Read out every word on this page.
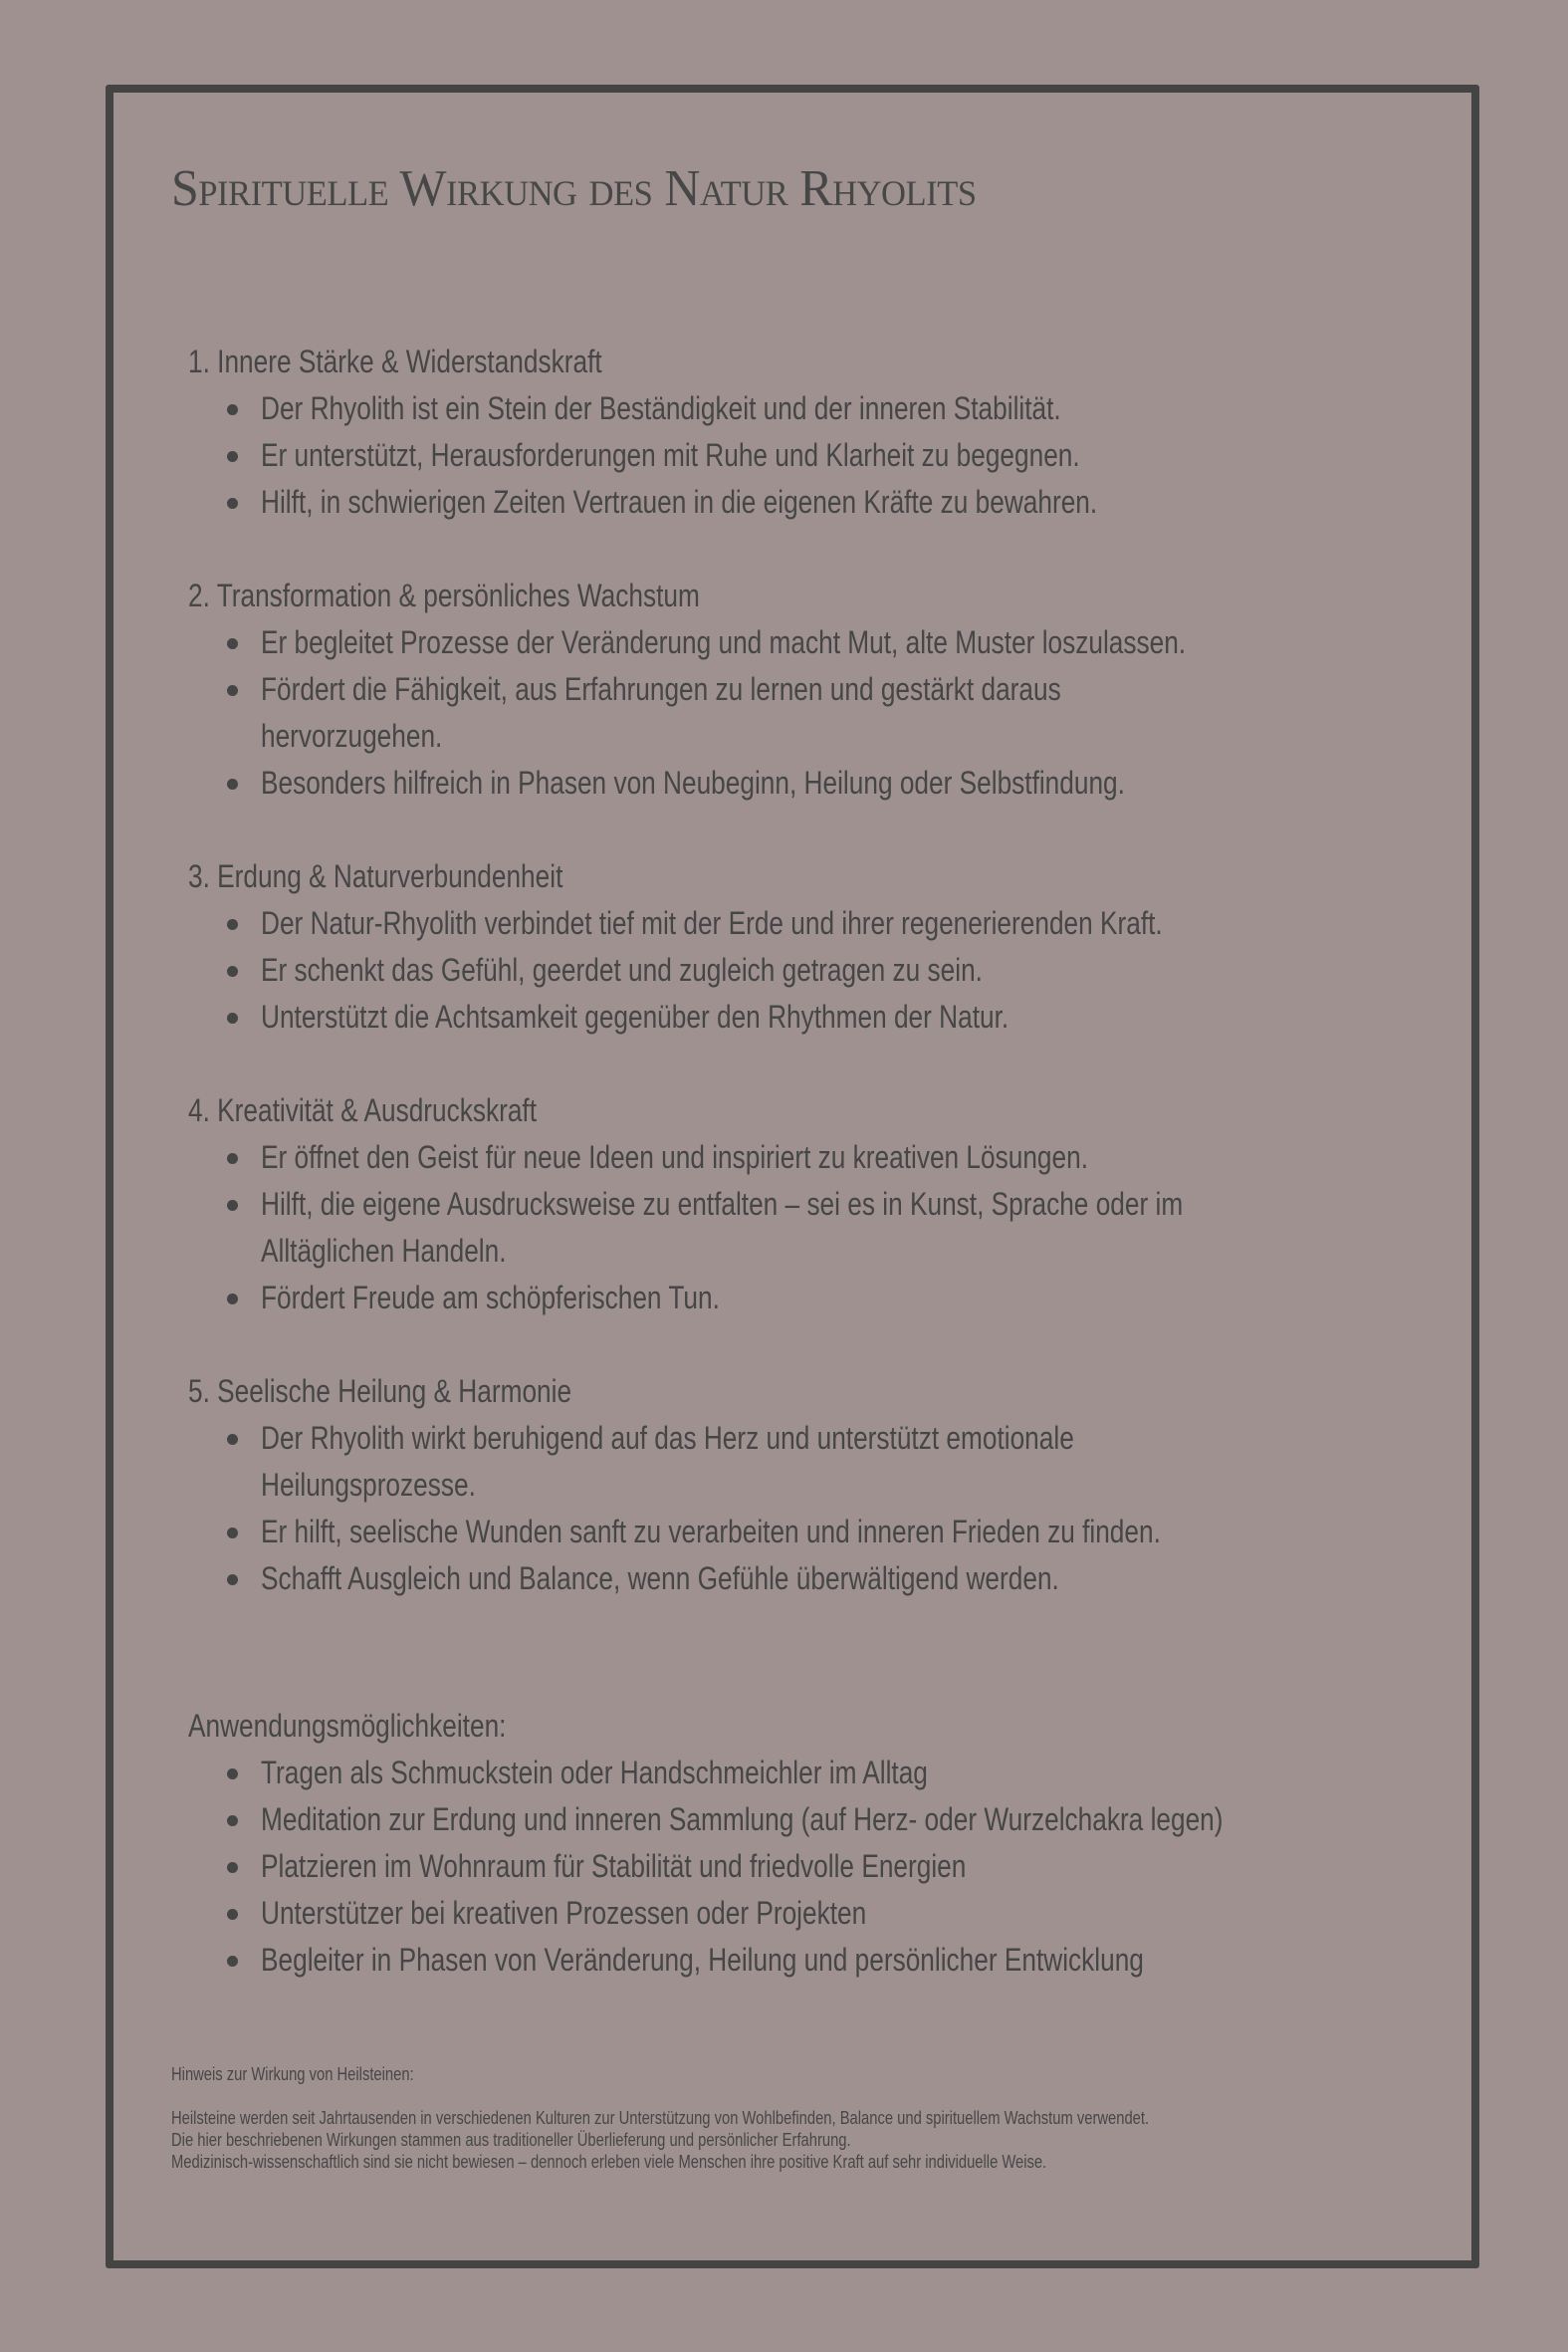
Spirituelle Wirkung des Natur Rhyolits
1. Innere Stärke & Widerstandskraft
Der Rhyolith ist ein Stein der Beständigkeit und der inneren Stabilität.
Er unterstützt, Herausforderungen mit Ruhe und Klarheit zu begegnen.
Hilft, in schwierigen Zeiten Vertrauen in die eigenen Kräfte zu bewahren.
2. Transformation & persönliches Wachstum
Er begleitet Prozesse der Veränderung und macht Mut, alte Muster loszulassen.
Fördert die Fähigkeit, aus Erfahrungen zu lernen und gestärkt daraus hervorzugehen.
Besonders hilfreich in Phasen von Neubeginn, Heilung oder Selbstfindung.
3. Erdung & Naturverbundenheit
Der Natur-Rhyolith verbindet tief mit der Erde und ihrer regenerierenden Kraft.
Er schenkt das Gefühl, geerdet und zugleich getragen zu sein.
Unterstützt die Achtsamkeit gegenüber den Rhythmen der Natur.
4. Kreativität & Ausdruckskraft
Er öffnet den Geist für neue Ideen und inspiriert zu kreativen Lösungen.
Hilft, die eigene Ausdrucksweise zu entfalten – sei es in Kunst, Sprache oder im
Alltäglichen Handeln.
Fördert Freude am schöpferischen Tun.
5. Seelische Heilung & Harmonie
Der Rhyolith wirkt beruhigend auf das Herz und unterstützt emotionale
Heilungsprozesse.
Er hilft, seelische Wunden sanft zu verarbeiten und inneren Frieden zu finden.
Schafft Ausgleich und Balance, wenn Gefühle überwältigend werden.
Anwendungsmöglichkeiten:
Tragen als Schmuckstein oder Handschmeichler im Alltag
Meditation zur Erdung und inneren Sammlung (auf Herz- oder Wurzelchakra legen)
Platzieren im Wohnraum für Stabilität und friedvolle Energien
Unterstützer bei kreativen Prozessen oder Projekten
Begleiter in Phasen von Veränderung, Heilung und persönlicher Entwicklung
Hinweis zur Wirkung von Heilsteinen:
Heilsteine werden seit Jahrtausenden in verschiedenen Kulturen zur Unterstützung von Wohlbefinden, Balance und spirituellem Wachstum verwendet.
Die hier beschriebenen Wirkungen stammen aus traditioneller Überlieferung und persönlicher Erfahrung.
Medizinisch-wissenschaftlich sind sie nicht bewiesen – dennoch erleben viele Menschen ihre positive Kraft auf sehr individuelle Weise.
